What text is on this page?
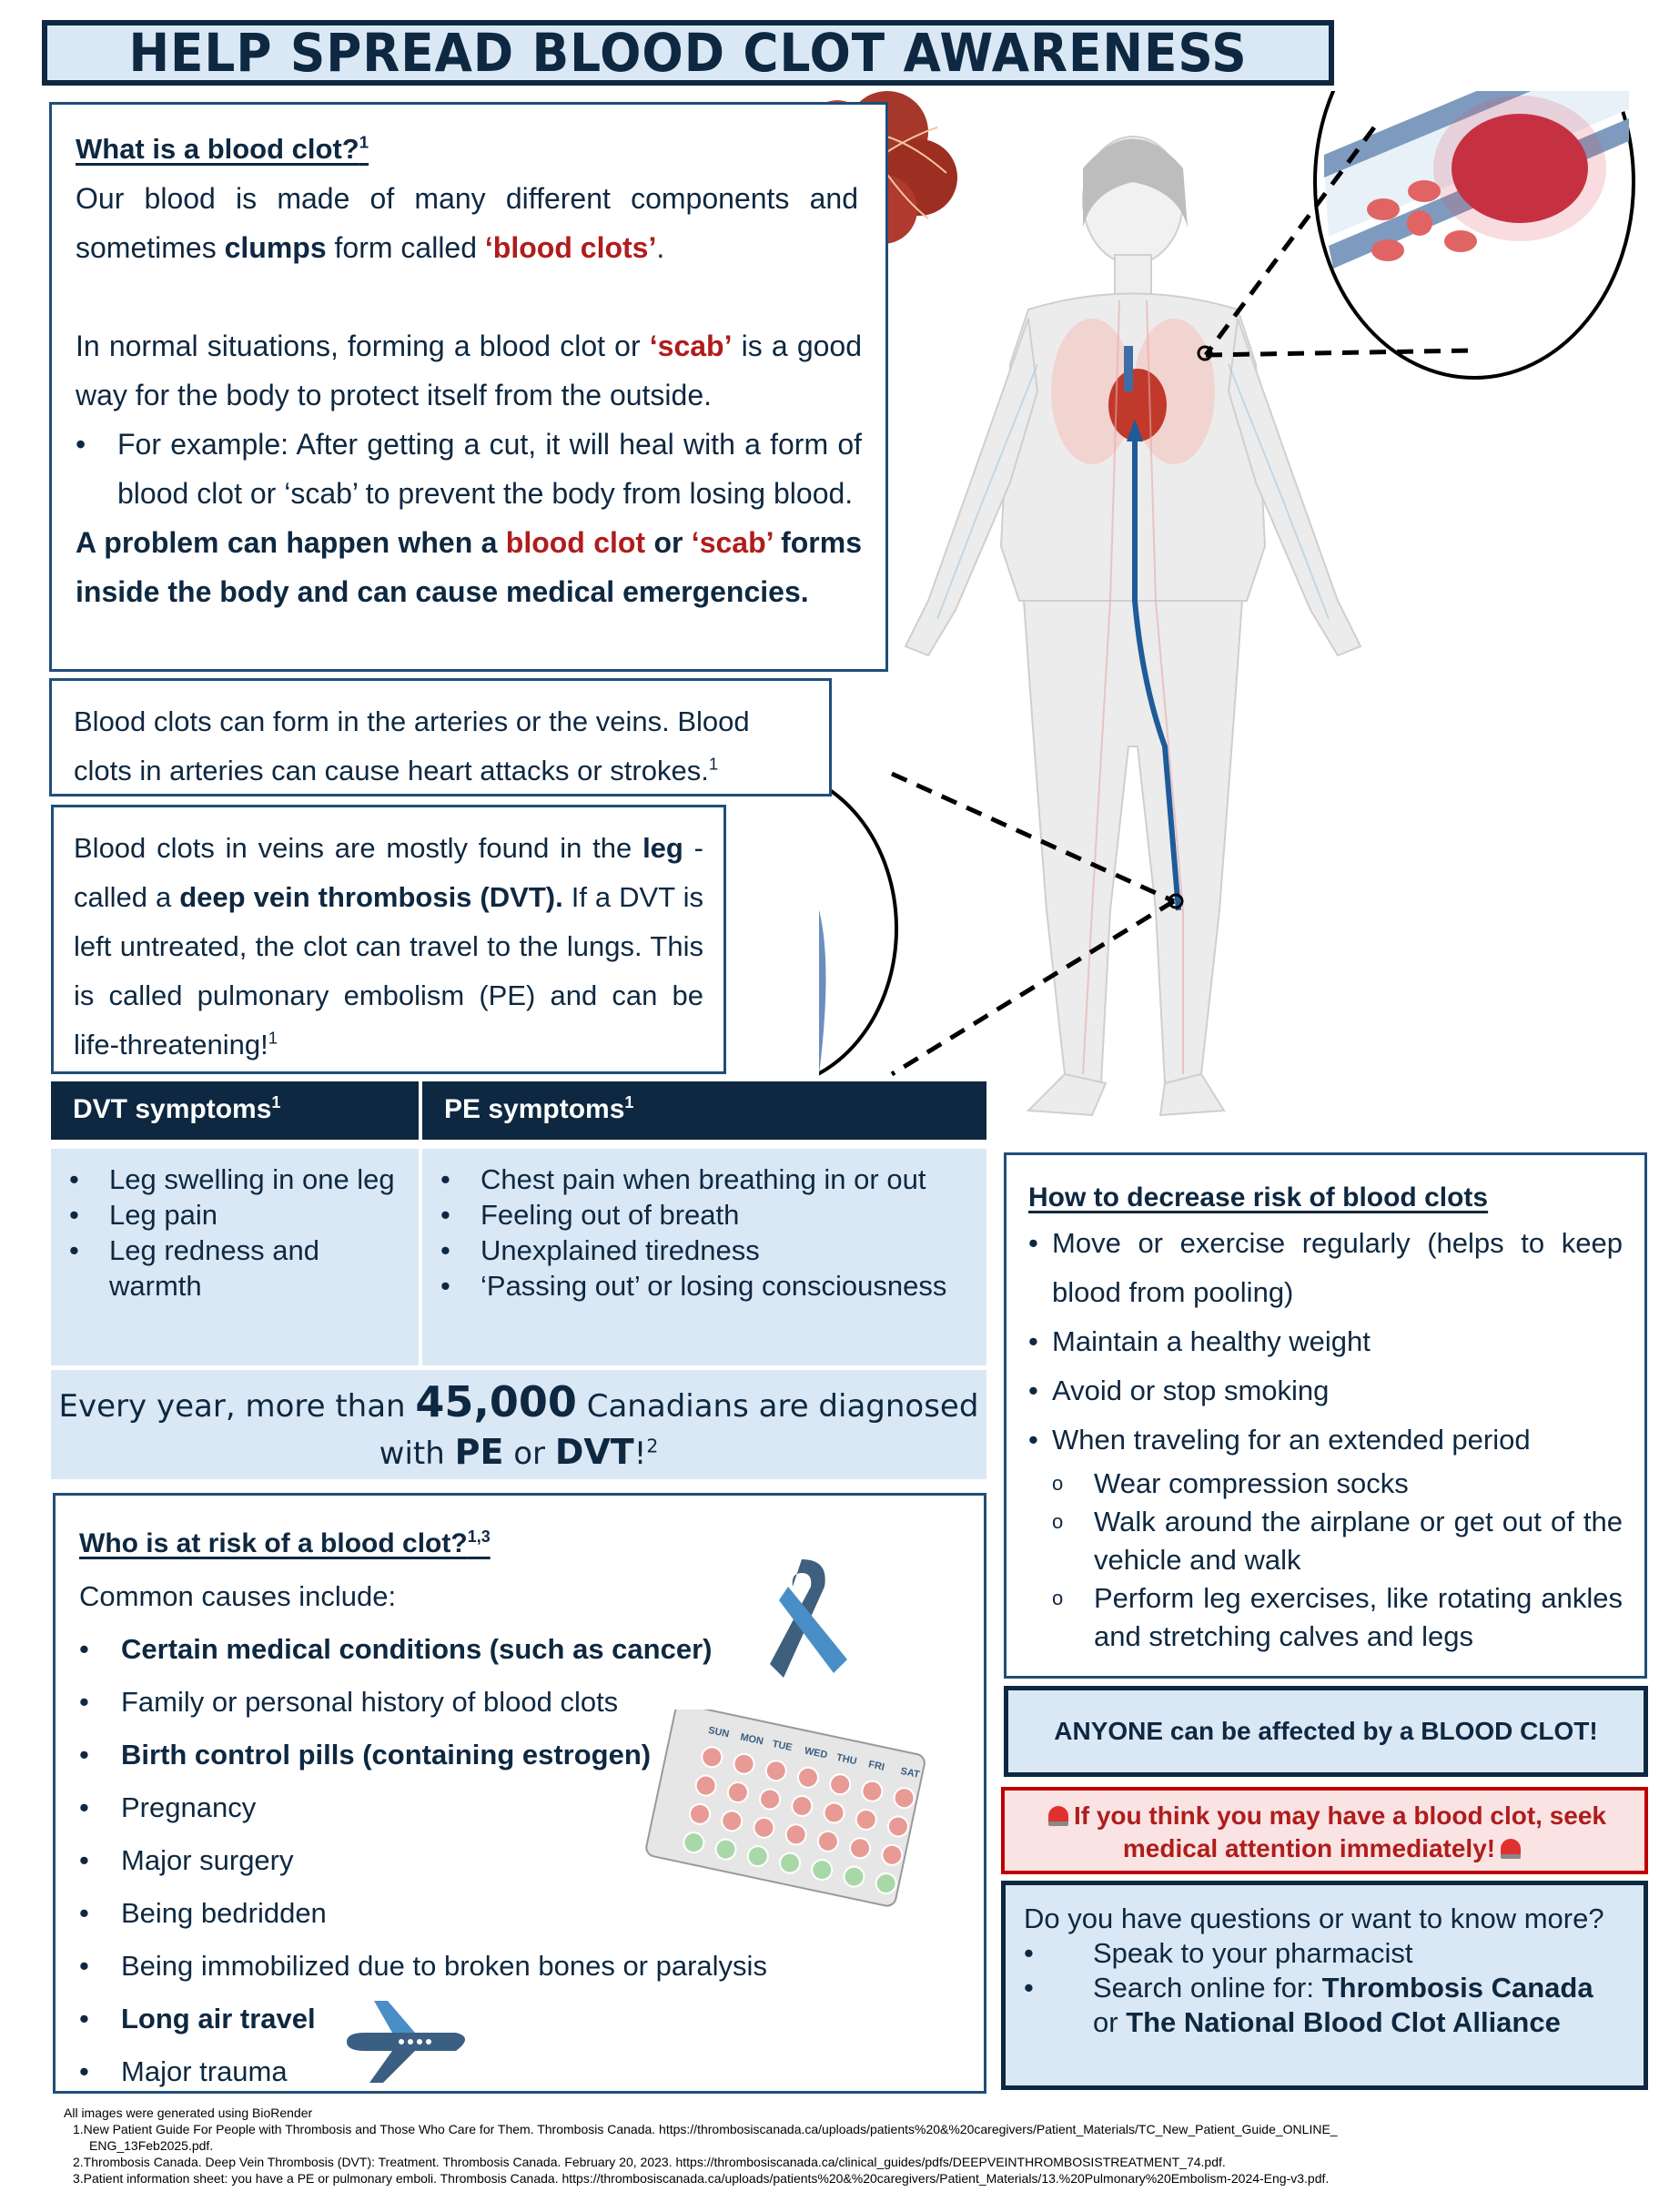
HELP SPREAD BLOOD CLOT AWARENESS
What is a blood clot?$^1$

Our blood is made of many different components and sometimes clumps form called ‘blood clots’.

In normal situations, forming a blood clot or ‘scab’ is a good way for the body to protect itself from the outside.

•	For example: After getting a cut, it will heal with a form of blood clot or ‘scab’ to prevent the body from losing blood.

A problem can happen when a blood clot or ‘scab’ forms inside the body and can cause medical emergencies.

Blood clots can form in the arteries or the veins. Blood clots in arteries can cause heart attacks or strokes.$^1$
Blood clots in veins are mostly found in the leg - called a deep vein thrombosis (DVT). If a DVT is left untreated, the clot can travel to the lungs. This is called pulmonary embolism (PE) and can be life-threatening!$^1$
DVT symptoms$^1$	PE symptoms$^1$
•	Leg swelling in one leg
•	Leg pain
•	Leg redness and warmth
•	Chest pain when breathing in or out
•	Feeling out of breath
•	Unexplained tiredness
•	‘Passing out’ or losing consciousness
Every year, more than 45,000 Canadians are diagnosed with PE or DVT!$^2$
Who is at risk of a blood clot?$^{1,3}$
Common causes include:
•	Certain medical conditions (such as cancer)
•	Family or personal history of blood clots
•	Birth control pills (containing estrogen)
•	Pregnancy
•	Major surgery
•	Being bedridden
•	Being immobilized due to broken bones or paralysis
•	Long air travel
•	Major trauma
SUN MON TUE WED THU FRI SAT
How to decrease risk of blood clots
• Move or exercise regularly (helps to keep blood from pooling)
• Maintain a healthy weight
• Avoid or stop smoking
• When traveling for an extended period
o	Wear compression socks
o	Walk around the airplane or get out of the vehicle and walk
o	Perform leg exercises, like rotating ankles and stretching calves and legs
ANYONE can be affected by a BLOOD CLOT!
If you think you may have a blood clot, seek
medical attention immediately!
Do you have questions or want to know more?
•	Speak to your pharmacist
•	Search online for: Thrombosis Canada or The National Blood Clot Alliance
All images were generated using BioRender
1.New Patient Guide For People with Thrombosis and Those Who Care for Them. Thrombosis Canada. https://thrombosiscanada.ca/uploads/patients%20&%20caregivers/Patient_Materials/TC_New_Patient_Guide_ONLINE_
ENG_13Feb2025.pdf.
2.Thrombosis Canada. Deep Vein Thrombosis (DVT): Treatment. Thrombosis Canada. February 20, 2023. https://thrombosiscanada.ca/clinical_guides/pdfs/DEEPVEINTHROMBOSISTREATMENT_74.pdf.
3.Patient information sheet: you have a PE or pulmonary emboli. Thrombosis Canada. https://thrombosiscanada.ca/uploads/patients%20&%20caregivers/Patient_Materials/13.%20Pulmonary%20Embolism-2024-Eng-v3.pdf.
